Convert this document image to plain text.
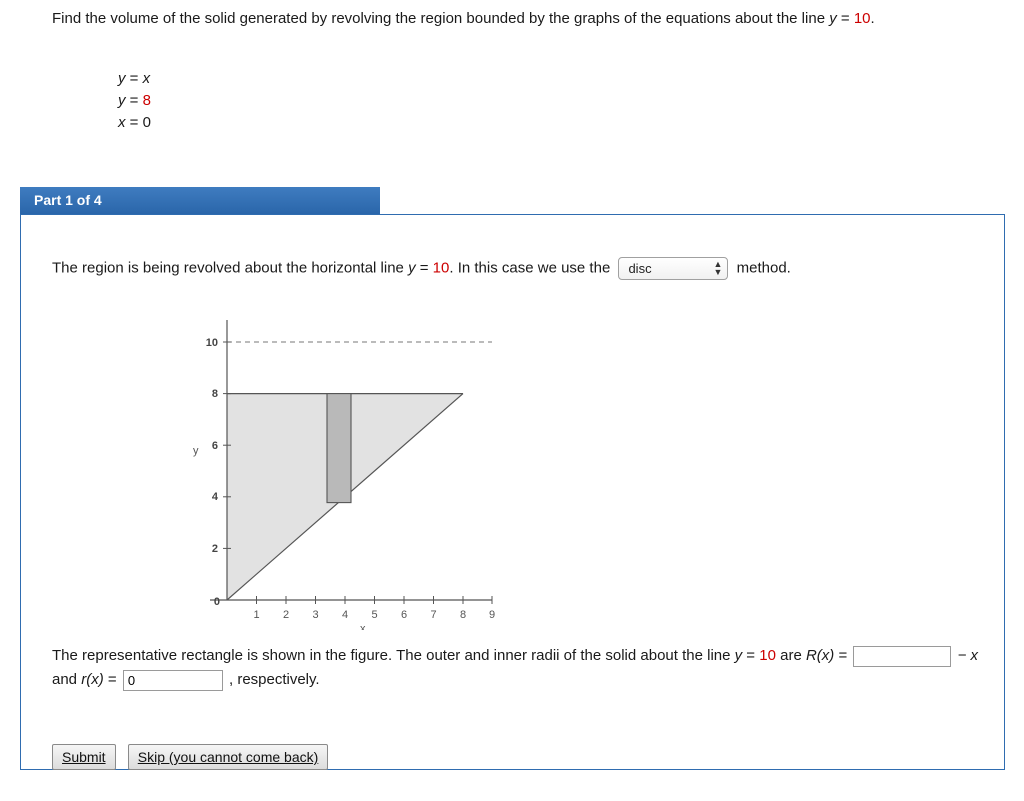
Find the volume of the solid generated by revolving the region bounded by the graphs of the equations about the line y = 10.
y = x
y = 8
x = 0
Part 1 of 4
The region is being revolved about the horizontal line y = 10. In this case we use the disc	▲
▼ method.
10
8
6
4
2
0
1 2 3 4 5 6 7 8 9
y
x
The representative rectangle is shown in the figure. The outer and inner radii of the solid about the line y = 10 are R(x) =	− x and r(x) = 0	, respectively.
Submit Skip (you cannot come back)
